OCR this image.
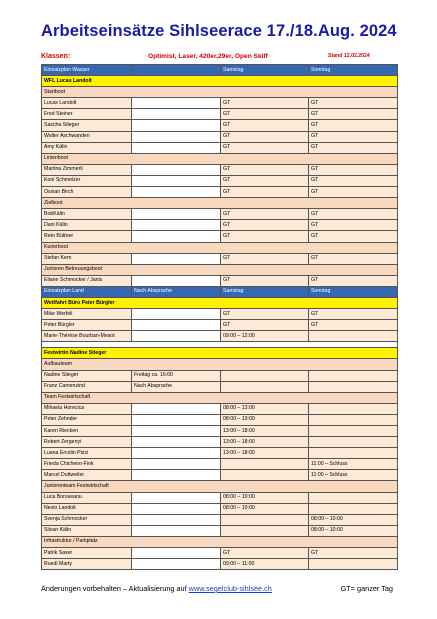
Arbeitseinsätze Sihlseerace 17./18.Aug. 2024
Klassen:	Optimist, Laser, 420er,29er, Open Skiff	Stand 12.02.2024
Einsatzplan Wasser		Samstag	Sonntag
WFL Lucas Landolt			
Startboot			
Lucas Landolt		GT	GT
Fred Steiner		GT	GT
Sascha Stieger		GT	GT
Walter Aschwanden		GT	GT
Amy Kälin		GT	GT
Linienboot			
Martina Zimmerli		GT	GT
Koni Schmelzer		GT	GT
Ossian Birch		GT	GT
Zielboot			
BobKälin		GT	GT
Dani Kälin		GT	GT
Reto Büttner		GT	GT
Kurierboot			
Stefan Kern		GT	GT
Junioren Betreuungsboot			
Eliane Schmocker / Janis		GT	GT
Einsatzplan Land	Nach Absprache	Samstag	Sonntag
Wettfahrt Büro Peter Bürgler			
Mike Werfeli		GT	GT
Peter Bürgler		GT	GT
Marie-Thérèse Bourban-Mesot		09:00 – 12:00	

Festwirtin Nadine Stieger			
Aufbauteam			
Nadine Stieger	Freitag ca. 16:00		
Franz Camenzind	Nach Absprache		
Team Festwirtschaft			
Mihaela Horecica		08:00 – 13:00	
Peter Zehnder		08:00 – 13:00	
Karen Riecken		13:00 – 18:00	
Robert Zergenyi		13:00 – 18:00	
Luana Ercolin Pizzi		13:00 – 18:00	
Frieda Chicheno-Fink			11:00 – Schluss
Marcel Duttweiler			11:00 – Schluss
Juniorenteam Festwirtschaft			
Luca Boroseanu		08:00 – 10:00	
Nevio Landolt		08:00 – 10:00	
Svenja Schmocker			08:00 – 10:00
Silvan Kälin			08:00 – 10:00
Infrastruktur / Parkplatz			
Patrik Saxer		GT	GT
Ruedi Marty		09:00 – 11:00	
Änderungen vorbehalten – Aktualisierung auf www.segelclub-sihlsee.ch	GT= ganzer Tag
